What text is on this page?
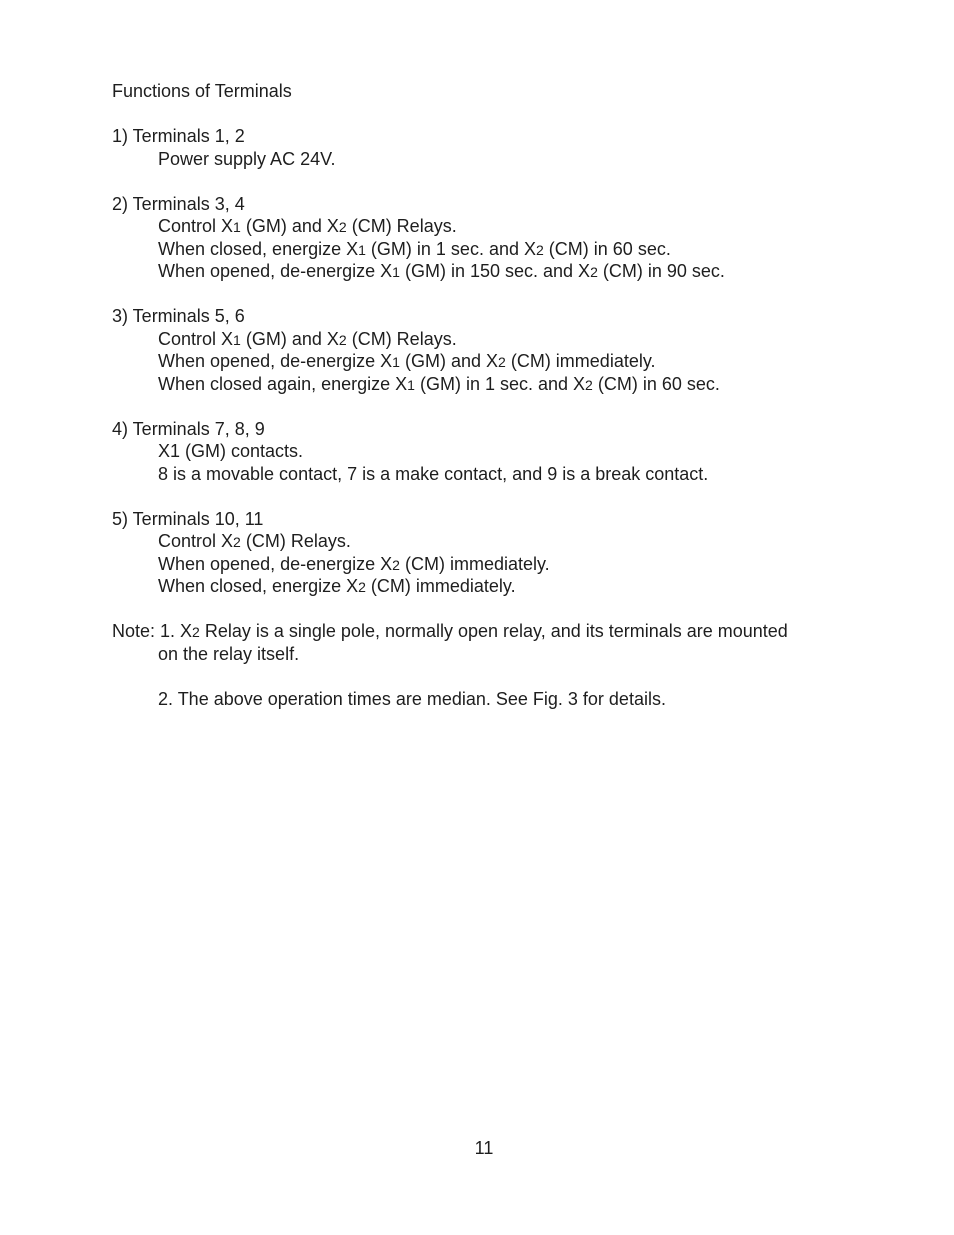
Functions of Terminals
1) Terminals 1, 2
Power supply AC 24V.
2) Terminals 3, 4
Control X1 (GM) and X2 (CM) Relays.
When closed, energize X1 (GM) in 1 sec. and X2 (CM) in 60 sec.
When opened, de-energize X1 (GM) in 150 sec. and X2 (CM) in 90 sec.
3) Terminals 5, 6
Control X1 (GM) and X2 (CM) Relays.
When opened, de-energize X1 (GM) and X2 (CM) immediately.
When closed again, energize X1 (GM) in 1 sec. and X2 (CM) in 60 sec.
4) Terminals 7, 8, 9
X1 (GM) contacts.
8 is a movable contact, 7 is a make contact, and 9 is a break contact.
5) Terminals 10, 11
Control X2 (CM) Relays.
When opened, de-energize X2 (CM) immediately.
When closed, energize X2 (CM) immediately.
Note: 1. X2 Relay is a single pole, normally open relay, and its terminals are mounted
on the relay itself.
2. The above operation times are median. See Fig. 3 for details.
11
